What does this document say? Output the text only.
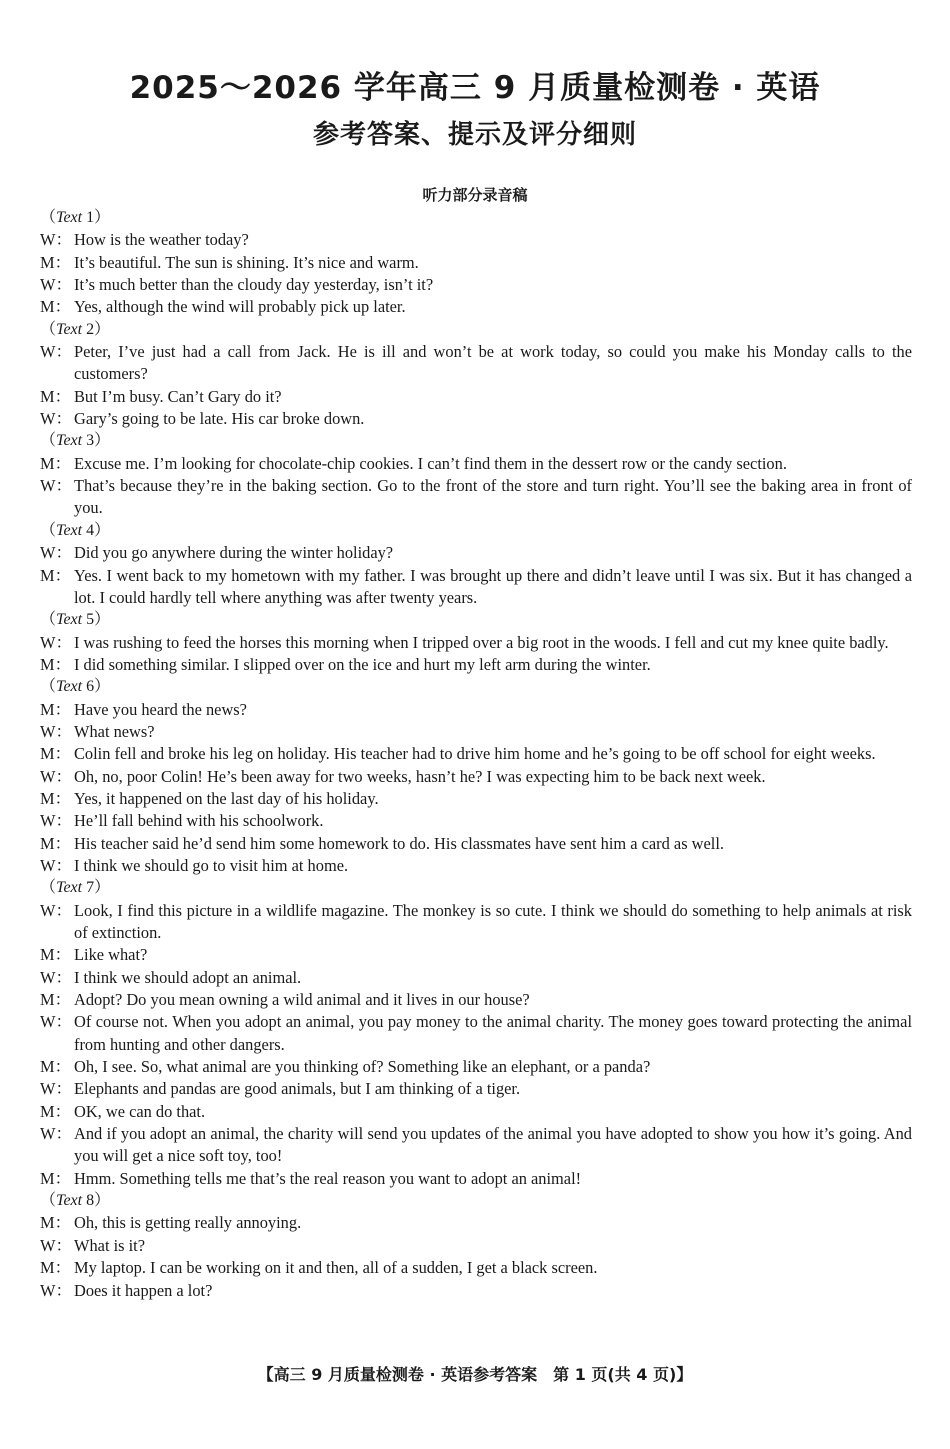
2025～2026 学年高三 9 月质量检测卷 · 英语
参考答案、提示及评分细则
听力部分录音稿
（Text 1）
W： How is the weather today?
M： It’s beautiful. The sun is shining. It’s nice and warm.
W： It’s much better than the cloudy day yesterday, isn’t it?
M： Yes, although the wind will probably pick up later.
（Text 2）
W： Peter, I’ve just had a call from Jack. He is ill and won’t be at work today, so could you make his Monday calls to the customers?
M： But I’m busy. Can’t Gary do it?
W： Gary’s going to be late. His car broke down.
（Text 3）
M： Excuse me. I’m looking for chocolate-chip cookies. I can’t find them in the dessert row or the candy section.
W： That’s because they’re in the baking section. Go to the front of the store and turn right. You’ll see the baking area in front of you.
（Text 4）
W： Did you go anywhere during the winter holiday?
M： Yes. I went back to my hometown with my father. I was brought up there and didn’t leave until I was six. But it has changed a lot. I could hardly tell where anything was after twenty years.
（Text 5）
W： I was rushing to feed the horses this morning when I tripped over a big root in the woods. I fell and cut my knee quite badly.
M： I did something similar. I slipped over on the ice and hurt my left arm during the winter.
（Text 6）
M： Have you heard the news?
W： What news?
M： Colin fell and broke his leg on holiday. His teacher had to drive him home and he’s going to be off school for eight weeks.
W： Oh, no, poor Colin! He’s been away for two weeks, hasn’t he? I was expecting him to be back next week.
M： Yes, it happened on the last day of his holiday.
W： He’ll fall behind with his schoolwork.
M： His teacher said he’d send him some homework to do. His classmates have sent him a card as well.
W： I think we should go to visit him at home.
（Text 7）
W： Look, I find this picture in a wildlife magazine. The monkey is so cute. I think we should do something to help animals at risk of extinction.
M： Like what?
W： I think we should adopt an animal.
M： Adopt? Do you mean owning a wild animal and it lives in our house?
W： Of course not. When you adopt an animal, you pay money to the animal charity. The money goes toward protecting the animal from hunting and other dangers.
M： Oh, I see. So, what animal are you thinking of? Something like an elephant, or a panda?
W： Elephants and pandas are good animals, but I am thinking of a tiger.
M： OK, we can do that.
W： And if you adopt an animal, the charity will send you updates of the animal you have adopted to show you how it’s going. And you will get a nice soft toy, too!
M： Hmm. Something tells me that’s the real reason you want to adopt an animal!
（Text 8）
M： Oh, this is getting really annoying.
W： What is it?
M： My laptop. I can be working on it and then, all of a sudden, I get a black screen.
W： Does it happen a lot?
【高三 9 月质量检测卷 · 英语参考答案　第 1 页(共 4 页)】
